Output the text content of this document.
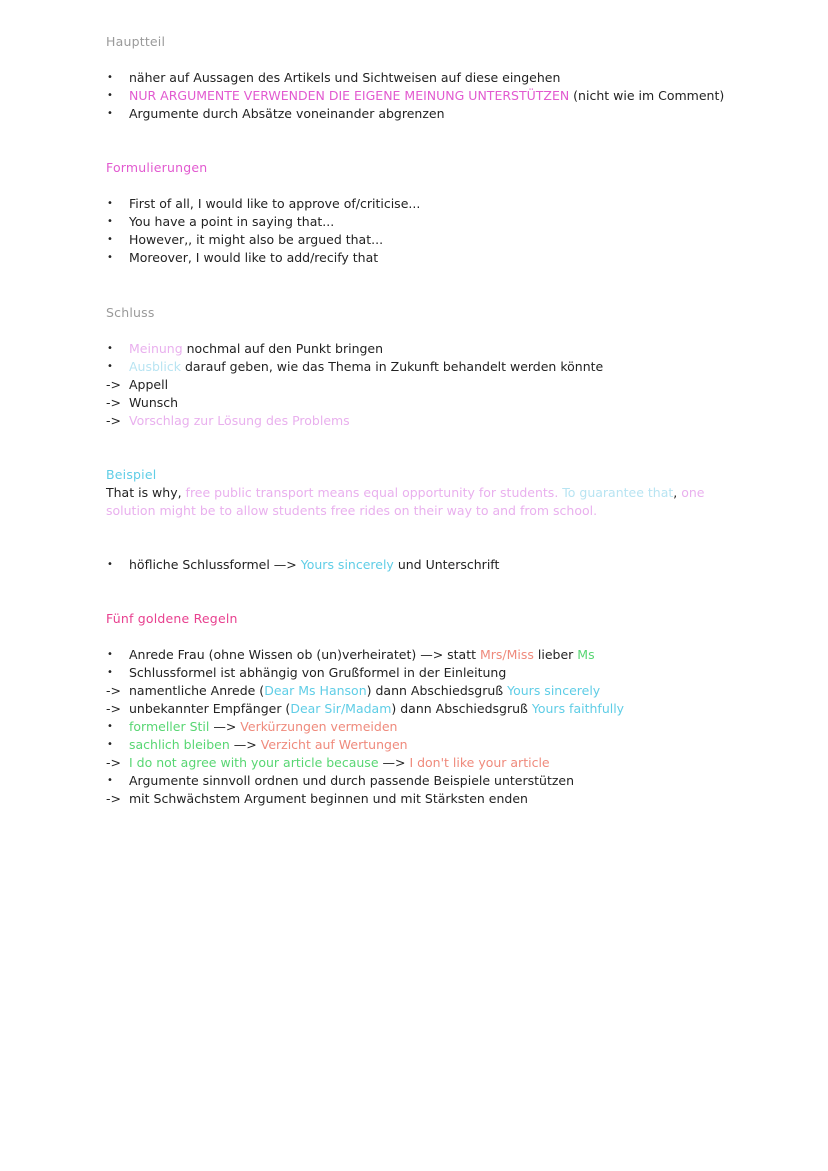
Hauptteil
•	näher auf Aussagen des Artikels und Sichtweisen auf diese eingehen
•	NUR ARGUMENTE VERWENDEN DIE EIGENE MEINUNG UNTERSTÜTZEN (nicht wie im Comment)
•	Argumente durch Absätze voneinander abgrenzen
Formulierungen
•	First of all, I would like to approve of/criticise...
•	You have a point in saying that...
•	However,, it might also be argued that...
•	Moreover, I would like to add/recify that
Schluss
•	Meinung nochmal auf den Punkt bringen
•	Ausblick darauf geben, wie das Thema in Zukunft behandelt werden könnte
-> Appell
-> Wunsch
-> Vorschlag zur Lösung des Problems
Beispiel
That is why, free public transport means equal opportunity for students. To guarantee that, one
solution might be to allow students free rides on their way to and from school.
•	höfliche Schlussformel —> Yours sincerely und Unterschrift
Fünf goldene Regeln
•	Anrede Frau (ohne Wissen ob (un)verheiratet) —> statt Mrs/Miss lieber Ms
•	Schlussformel ist abhängig von Grußformel in der Einleitung
-> namentliche Anrede (Dear Ms Hanson) dann Abschiedsgruß Yours sincerely
-> unbekannter Empfänger (Dear Sir/Madam) dann Abschiedsgruß Yours faithfully
•	formeller Stil —> Verkürzungen vermeiden
•	sachlich bleiben —> Verzicht auf Wertungen
-> I do not agree with your article because —> I don't like your article
•	Argumente sinnvoll ordnen und durch passende Beispiele unterstützen
-> mit Schwächstem Argument beginnen und mit Stärksten enden
